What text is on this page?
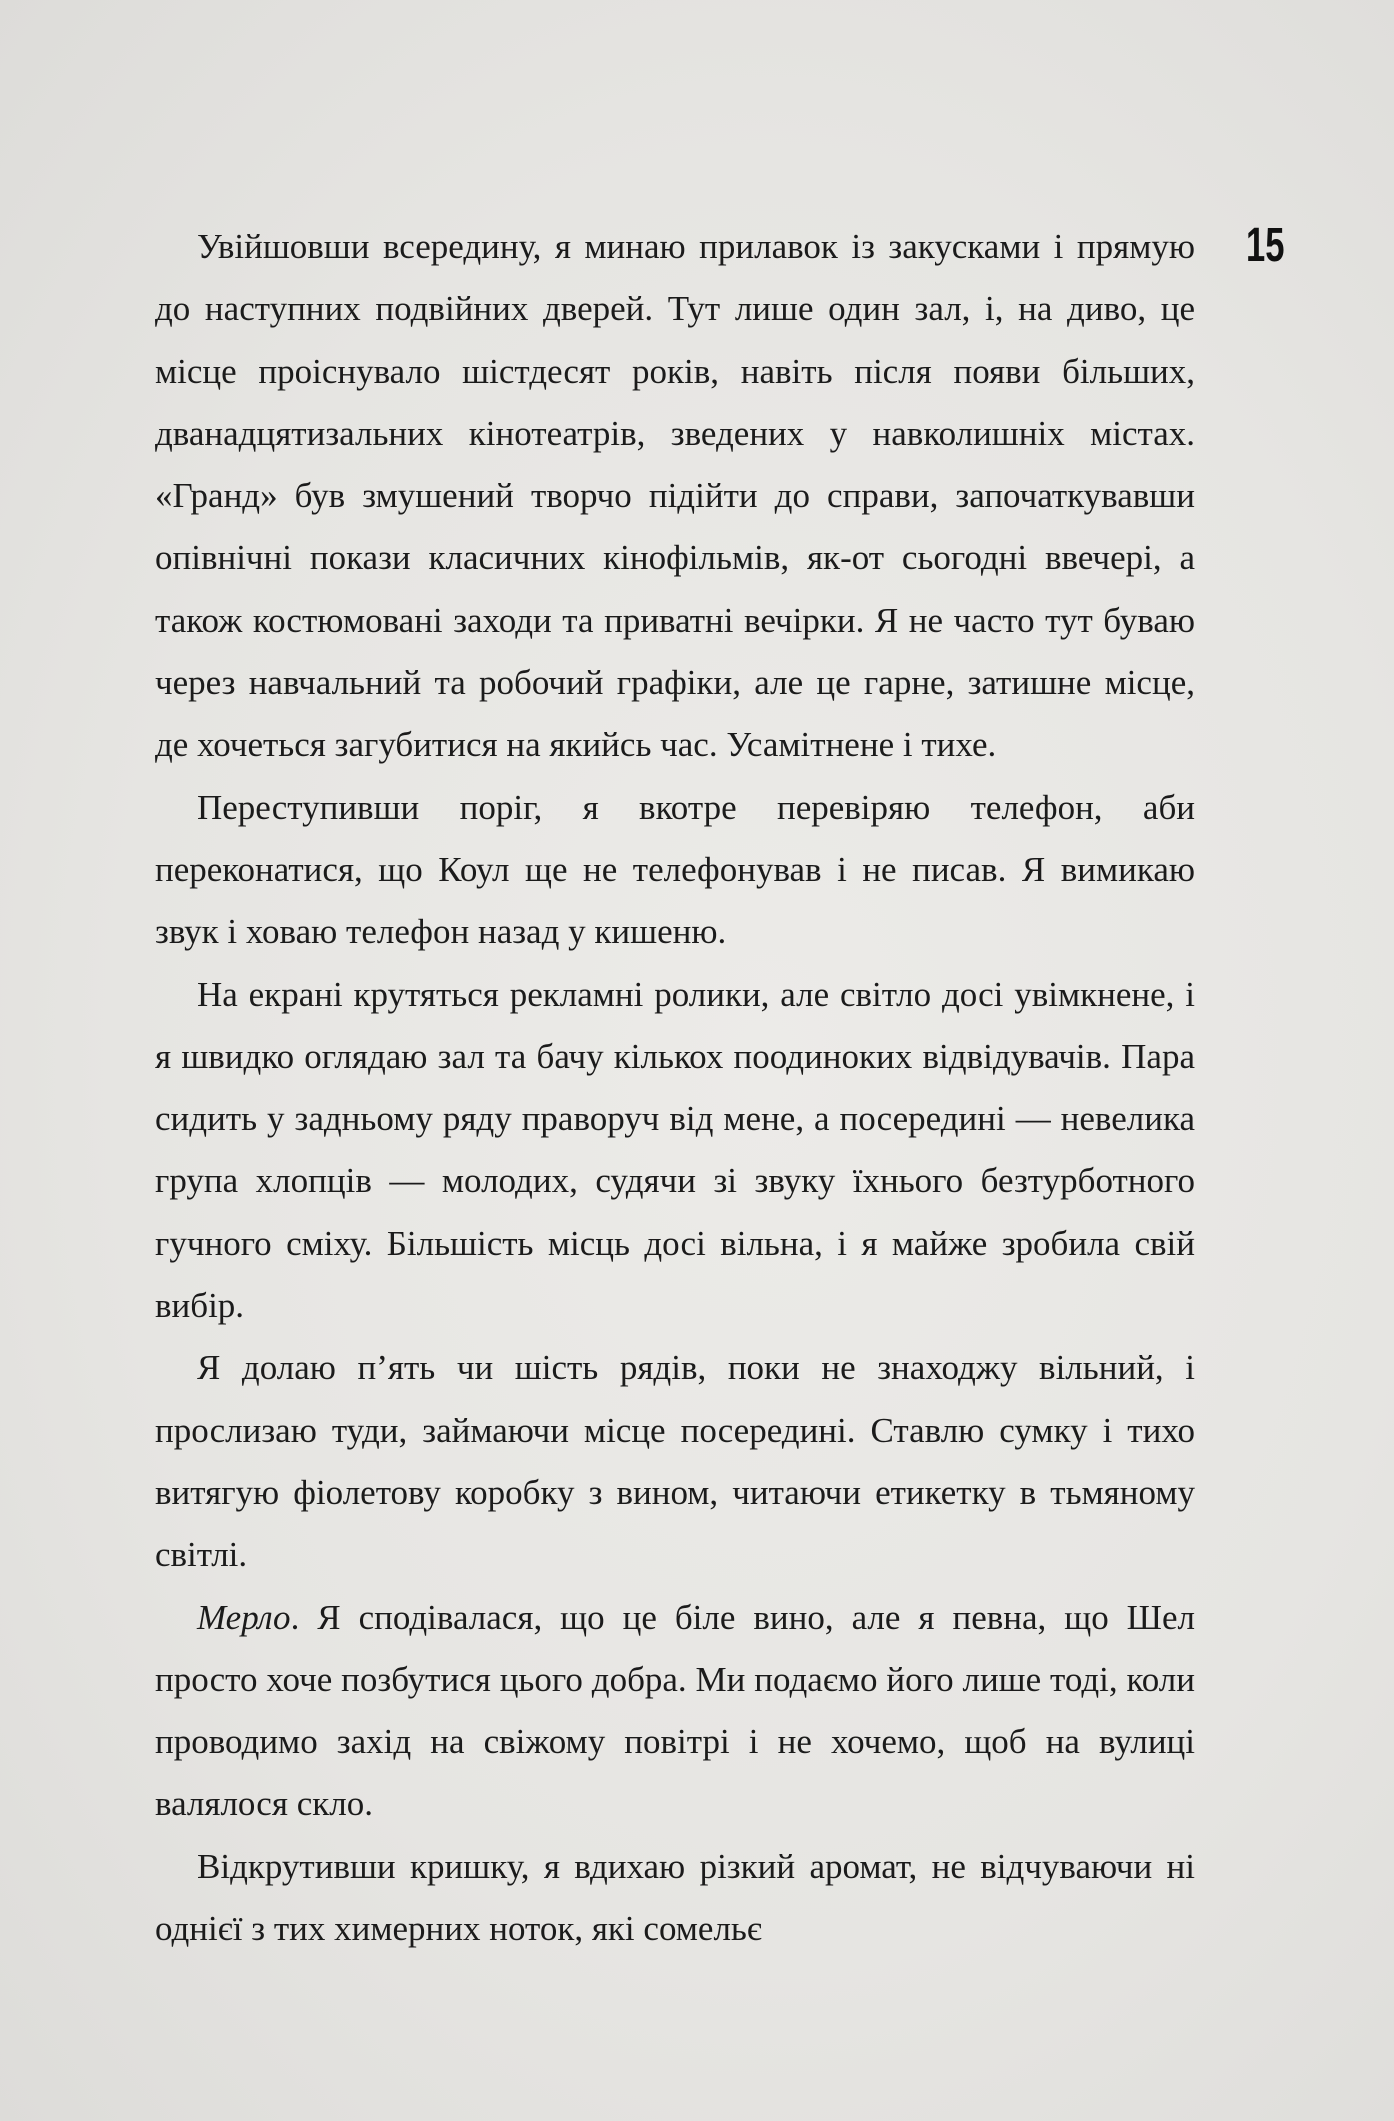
15

Увійшовши всередину, я минаю прилавок із закусками і прямую до наступних подвійних дверей. Тут лише один зал, і, на диво, це місце проіснувало шістдесят років, навіть після появи більших, дванадцятизальних кінотеатрів, зведених у навколишніх містах. «Гранд» був змушений творчо підійти до справи, започаткувавши опівнічні покази класичних кінофільмів, як-от сьогодні ввечері, а також костюмовані заходи та приватні вечірки. Я не часто тут буваю через навчальний та робочий графіки, але це гарне, затишне місце, де хочеться загубитися на якийсь час. Усамітнене і тихе.

Переступивши поріг, я вкотре перевіряю телефон, аби переконатися, що Коул ще не телефонував і не писав. Я вимикаю звук і ховаю телефон назад у кишеню.

На екрані крутяться рекламні ролики, але світло досі увімкнене, і я швидко оглядаю зал та бачу кількох поодиноких відвідувачів. Пара сидить у задньому ряду праворуч від мене, а посередині — невелика група хлопців — молодих, судячи зі звуку їхнього безтурботного гучного сміху. Більшість місць досі вільна, і я майже зробила свій вибір.

Я долаю п’ять чи шість рядів, поки не знаходжу вільний, і прослизаю туди, займаючи місце посередині. Ставлю сумку і тихо витягую фіолетову коробку з вином, читаючи етикетку в тьмяному світлі.

Мерло. Я сподівалася, що це біле вино, але я певна, що Шел просто хоче позбутися цього добра. Ми подаємо його лише тоді, коли проводимо захід на свіжому повітрі і не хочемо, щоб на вулиці валялося скло.

Відкрутивши кришку, я вдихаю різкий аромат, не відчуваючи ні однієї з тих химерних ноток, які сомельє
